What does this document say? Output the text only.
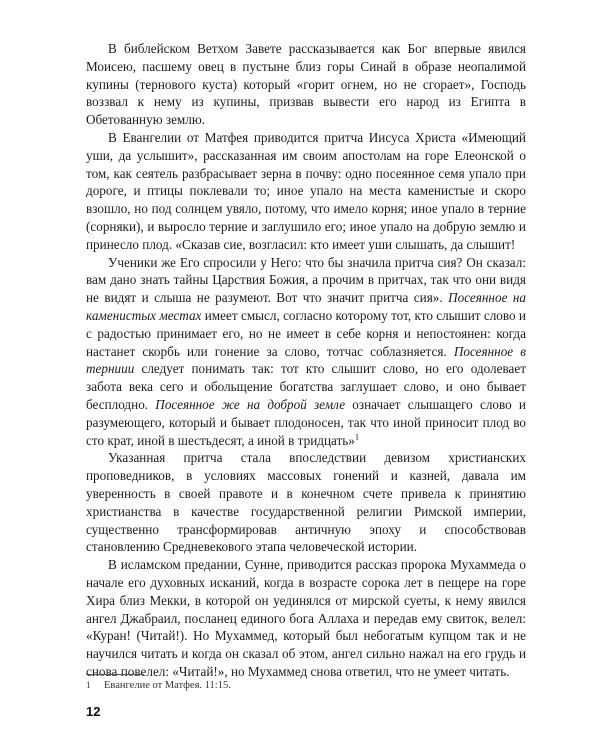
В библейском Ветхом Завете рассказывается как Бог впервые явился Моисею, пасшему овец в пустыне близ горы Синай в образе неопалимой купины (тернового куста) который «горит огнем, но не сгорает», Господь воззвал к нему из купины, призвав вывести его народ из Египта в Обетованную землю.

В Евангелии от Матфея приводится притча Иисуса Христа «Имеющий уши, да услышит», рассказанная им своим апостолам на горе Елеонской о том, как сеятель разбрасывает зерна в почву: одно посеянное семя упало при дороге, и птицы поклевали то; иное упало на места каменистые и скоро взошло, но под солнцем увяло, потому, что имело корня; иное упало в терние (сорняки), и выросло терние и заглушило его; иное упало на добрую землю и принесло плод. «Сказав сие, возгласил: кто имеет уши слышать, да слышит!

Ученики же Его спросили у Него: что бы значила притча сия? Он сказал: вам дано знать тайны Царствия Божия, а прочим в притчах, так что они видя не видят и слыша не разумеют. Вот что значит притча сия». Посеянное на каменистых местах имеет смысл, согласно которому тот, кто слышит слово и с радостью принимает его, но не имеет в себе корня и непостоянен: когда настанет скорбь или гонение за слово, тотчас соблазняется. Посеянное в терниии следует понимать так: тот кто слышит слово, но его одолевает забота века сего и обольщение богатства заглушает слово, и оно бывает бесплодно. Посеянное же на доброй земле означает слышащего слово и разумеющего, который и бывает плодоносен, так что иной приносит плод во сто крат, иной в шестьдесят, а иной в тридцать»$^1$

Указанная притча стала впоследствии девизом христианских проповедников, в условиях массовых гонений и казней, давала им уверенность в своей правоте и в конечном счете привела к принятию христианства в качестве государственной религии Римской империи, существенно трансформировав античную эпоху и способствовав становлению Средневекового этапа человеческой истории.

В исламском предании, Сунне, приводится рассказ пророка Мухаммеда о начале его духовных исканий, когда в возрасте сорока лет в пещере на горе Хира близ Мекки, в которой он уединялся от мирской суеты, к нему явился ангел Джабраил, посланец единого бога Аллаха и передав ему свиток, велел: «Куран! (Читай!). Но Мухаммед, который был небогатым купцом так и не научился читать и когда он сказал об этом, ангел сильно нажал на его грудь и снова повелел: «Читай!», но Мухаммед снова ответил, что не умеет читать.

1 Евангелие от Матфея. 11:15.
12
